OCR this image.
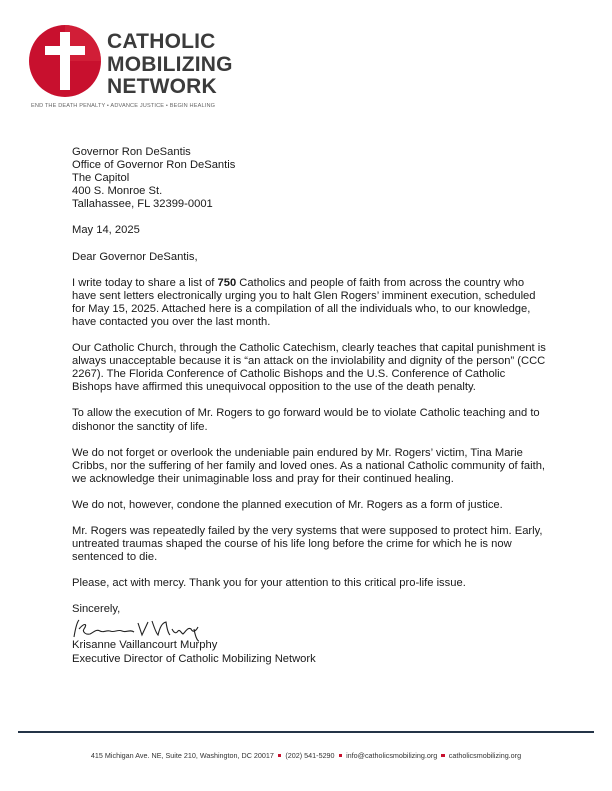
CATHOLIC
MOBILIZING
NETWORK
END THE DEATH PENALTY • ADVANCE JUSTICE • BEGIN HEALING
Governor Ron DeSantis
Office of Governor Ron DeSantis
The Capitol
400 S. Monroe St.
Tallahassee, FL 32399-0001

May 14, 2025

Dear Governor DeSantis,

I write today to share a list of 750 Catholics and people of faith from across the country who have sent letters electronically urging you to halt Glen Rogers’ imminent execution, scheduled for May 15, 2025. Attached here is a compilation of all the individuals who, to our knowledge, have contacted you over the last month.

Our Catholic Church, through the Catholic Catechism, clearly teaches that capital punishment is always unacceptable because it is “an attack on the inviolability and dignity of the person” (CCC 2267). The Florida Conference of Catholic Bishops and the U.S. Conference of Catholic Bishops have affirmed this unequivocal opposition to the use of the death penalty.

To allow the execution of Mr. Rogers to go forward would be to violate Catholic teaching and to dishonor the sanctity of life.

We do not forget or overlook the undeniable pain endured by Mr. Rogers’ victim, Tina Marie Cribbs, nor the suffering of her family and loved ones. As a national Catholic community of faith, we acknowledge their unimaginable loss and pray for their continued healing.

We do not, however, condone the planned execution of Mr. Rogers as a form of justice.

Mr. Rogers was repeatedly failed by the very systems that were supposed to protect him. Early, untreated traumas shaped the course of his life long before the crime for which he is now sentenced to die.

Please, act with mercy. Thank you for your attention to this critical pro-life issue.

Sincerely,

Krisanne Vaillancourt Murphy
Executive Director of Catholic Mobilizing Network
415 Michigan Ave. NE, Suite 210, Washington, DC 20017 (202) 541-5290 info@catholicsmobilizing.org catholicsmobilizing.org
